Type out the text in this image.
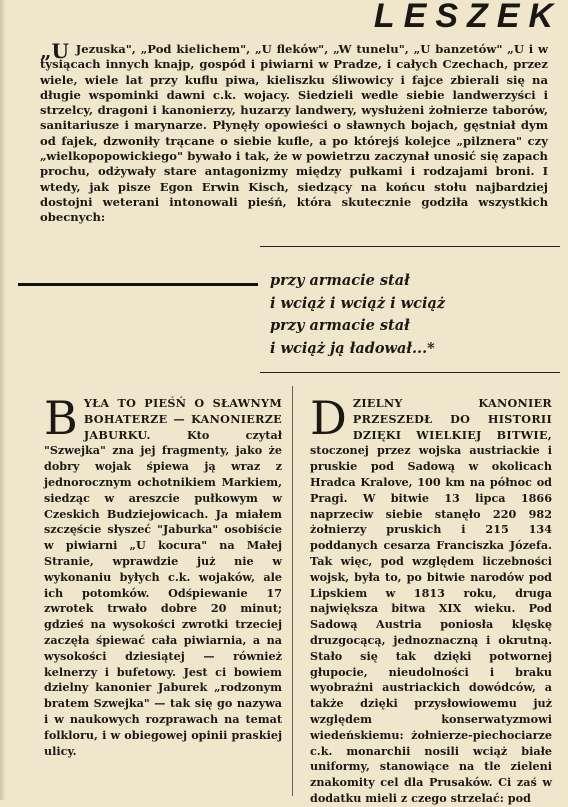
LESZEK
„U Jezuska", „Pod kielichem", „U fleków", „W tunelu", „U banzetów" „U i w tysiącach innych knajp, gospód i piwiarni w Pradze, i całych Czechach, przez wiele, wiele lat przy kuflu piwa, kieliszku śliwowicy i fajce zbierali się na długie wspominki dawni c.k. wojacy. Siedzieli wedle siebie landwerzyści i strzelcy, dragoni i kanonierzy, huzarzy landwery, wysłużeni żołnierze taborów, sanitariusze i marynarze. Płynęły opowieści o sławnych bojach, gęstniał dym od fajek, dzwoniły trącane o siebie kufle, a po którejś kolejce „pilznera" czy „wielkopopowickiego" bywało i tak, że w powietrzu zaczynał unosić się zapach prochu, odżywały stare antagonizmy między pułkami i rodzajami broni. I wtedy, jak pisze Egon Erwin Kisch, siedzący na końcu stołu najbardziej dostojni weterani intonowali pieśń, która skutecznie godziła wszystkich obecnych:
przy armacie stał
i wciąż i wciąż i wciąż
przy armacie stał
i wciąż ją ładował...*
BYŁA TO PIEŚŃ O SŁAWNYM BOHATERZE — KANONIERZE JABURKU. Kto czytał "Szwejka" zna jej fragmenty, jako że dobry wojak śpiewa ją wraz z jednorocznym ochotnikiem Markiem, siedząc w areszcie pułkowym w Czeskich Budziejowicach. Ja miałem szczęście słyszeć "Jaburka" osobiście w piwiarni „U kocura" na Małej Stranie, wprawdzie już nie w wykonaniu byłych c.k. wojaków, ale ich potomków. Odśpiewanie 17 zwrotek trwało dobre 20 minut; gdzieś na wysokości zwrotki trzeciej zaczęła śpiewać cała piwiarnia, a na wysokości dziesiątej — również kelnerzy i bufetowy. Jest ci bowiem dzielny kanonier Jaburek „rodzonym bratem Szwejka" — tak się go nazywa i w naukowych rozprawach na temat folkloru, i w obiegowej opinii praskiej ulicy.
DZIELNY KANONIER PRZESZEDŁ DO HISTORII DZIĘKI WIELKIEJ BITWIE, stoczonej przez wojska austriackie i pruskie pod Sadową w okolicach Hradca Kralove, 100 km na północ od Pragi. W bitwie 13 lipca 1866 naprzeciw siebie stanęło 220 982 żołnierzy pruskich i 215 134 poddanych cesarza Franciszka Józefa. Tak więc, pod względem liczebności wojsk, była to, po bitwie narodów pod Lipskiem w 1813 roku, druga największa bitwa XIX wieku. Pod Sadową Austria poniosła klęskę druzgocącą, jednoznaczną i okrutną. Stało się tak dzięki potwornej głupocie, nieudolności i braku wyobraźni austriackich dowódców, a także dzięki przysłowiowemu już względem konserwatyzmowi wiedeńskiemu: żołnierze-piechociarze c.k. monarchii nosili wciąż białe uniformy, stanowiące na tle zieleni znakomity cel dla Prusaków. Ci zaś w dodatku mieli z czego strzelać: pod
